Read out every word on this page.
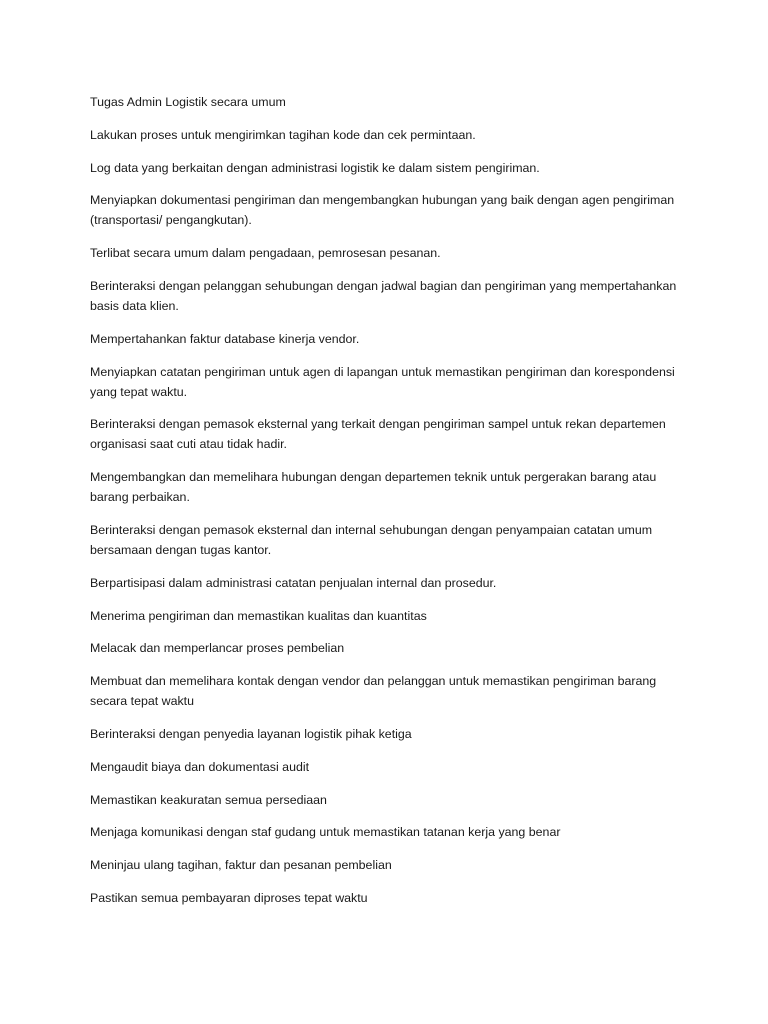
Tugas Admin Logistik secara umum

Lakukan proses untuk mengirimkan tagihan kode dan cek permintaan.

Log data yang berkaitan dengan administrasi logistik ke dalam sistem pengiriman.

Menyiapkan dokumentasi pengiriman dan mengembangkan hubungan yang baik dengan agen pengiriman (transportasi/ pengangkutan).

Terlibat secara umum dalam pengadaan, pemrosesan pesanan.

Berinteraksi dengan pelanggan sehubungan dengan jadwal bagian dan pengiriman yang mempertahankan basis data klien.

Mempertahankan faktur database kinerja vendor.

Menyiapkan catatan pengiriman untuk agen di lapangan untuk memastikan pengiriman dan korespondensi yang tepat waktu.

Berinteraksi dengan pemasok eksternal yang terkait dengan pengiriman sampel untuk rekan departemen organisasi saat cuti atau tidak hadir.

Mengembangkan dan memelihara hubungan dengan departemen teknik untuk pergerakan barang atau barang perbaikan.

Berinteraksi dengan pemasok eksternal dan internal sehubungan dengan penyampaian catatan umum bersamaan dengan tugas kantor.

Berpartisipasi dalam administrasi catatan penjualan internal dan prosedur.

Menerima pengiriman dan memastikan kualitas dan kuantitas

Melacak dan memperlancar proses pembelian

Membuat dan memelihara kontak dengan vendor dan pelanggan untuk memastikan pengiriman barang secara tepat waktu

Berinteraksi dengan penyedia layanan logistik pihak ketiga

Mengaudit biaya dan dokumentasi audit

Memastikan keakuratan semua persediaan

Menjaga komunikasi dengan staf gudang untuk memastikan tatanan kerja yang benar

Meninjau ulang tagihan, faktur dan pesanan pembelian

Pastikan semua pembayaran diproses tepat waktu
